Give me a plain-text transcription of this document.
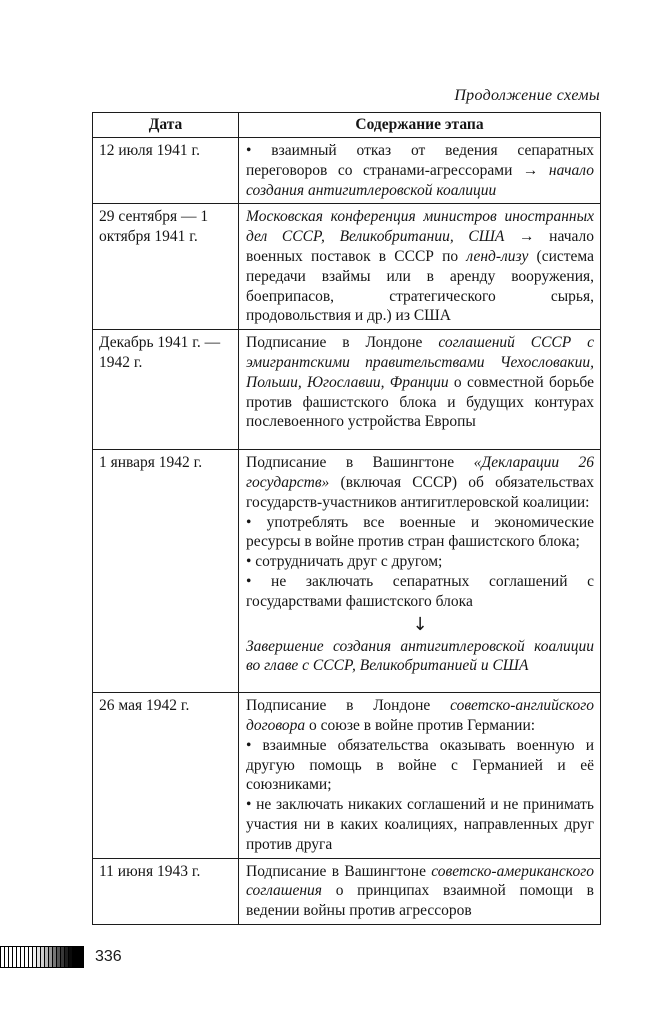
Продолжение схемы
Дата	Содержание этапа
12 июля 1941 г.	• взаимный отказ от ведения сепаратных переговоров со странами-агрессорами → начало создания антигитлеровской коалиции

29 сентября — 1 октября 1941 г.	Московская конференция министров иностранных дел СССР, Великобритании, США → начало военных поставок в СССР по ленд-лизу (система передачи взаймы или в аренду вооружения, боеприпасов, стратегического сырья, продовольствия и др.) из США

Декабрь 1941 г. — 1942 г.	Подписание в Лондоне соглашений СССР с эмигрантскими правительствами Чехословакии, Польши, Югославии, Франции о совместной борьбе против фашистского блока и будущих контурах послевоенного устройства Европы

1 января 1942 г.	Подписание в Вашингтоне «Декларации 26 государств» (включая СССР) об обязательствах государств-участников антигитлеровской коалиции:
• употреблять все военные и экономические ресурсы в войне против стран фашистского блока;
• сотрудничать друг с другом;
• не заключать сепаратных соглашений с государствами фашистского блока
↓
Завершение создания антигитлеровской коалиции во главе с СССР, Великобританией и США

26 мая 1942 г.	Подписание в Лондоне советско-английского договора о союзе в войне против Германии:
• взаимные обязательства оказывать военную и другую помощь в войне с Германией и её союзниками;
• не заключать никаких соглашений и не принимать участия ни в каких коалициях, направленных друг против друга

11 июня 1943 г.	Подписание в Вашингтоне советско-американского соглашения о принципах взаимной помощи в ведении войны против агрессоров
336
